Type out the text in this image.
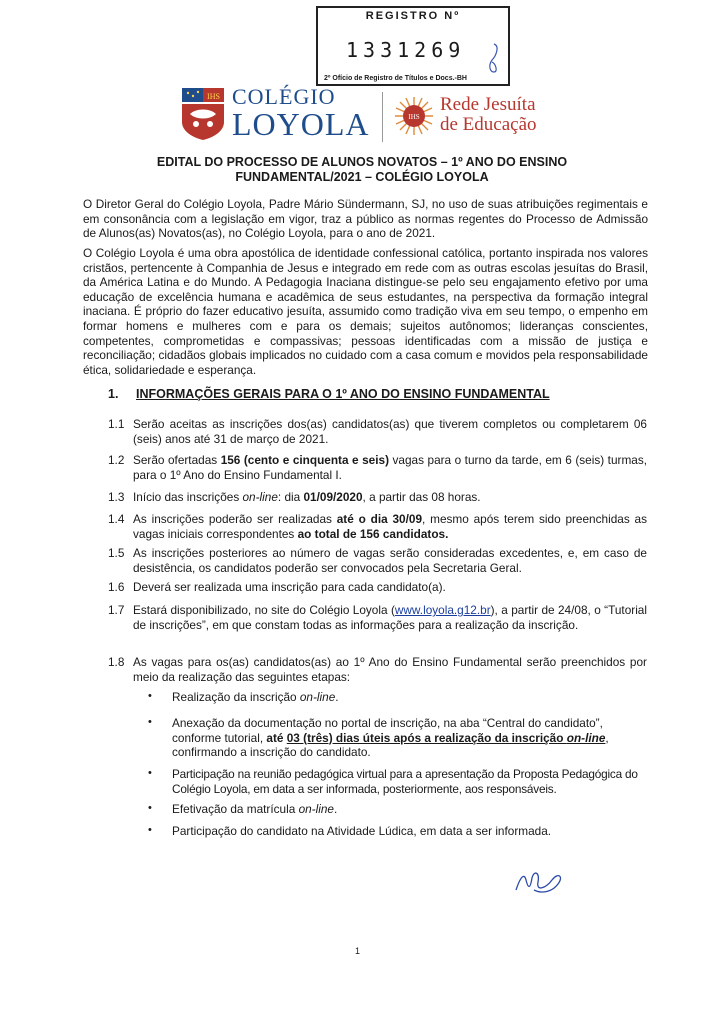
REGISTRO Nº
1331269
2º Ofício de Registro de Títulos e Docs.-BH
IHS COLÉGIO
LOYOLA	IHS
Rede Jesuíta
de Educação
EDITAL DO PROCESSO DE ALUNOS NOVATOS – 1º ANO DO ENSINO
FUNDAMENTAL/2021 – COLÉGIO LOYOLA
O Diretor Geral do Colégio Loyola, Padre Mário Sündermann, SJ, no uso de suas atribuições regimentais e em consonância com a legislação em vigor, traz a público as normas regentes do Processo de Admissão de Alunos(as) Novatos(as), no Colégio Loyola, para o ano de 2021.
O Colégio Loyola é uma obra apostólica de identidade confessional católica, portanto inspirada nos valores cristãos, pertencente à Companhia de Jesus e integrado em rede com as outras escolas jesuítas do Brasil, da América Latina e do Mundo. A Pedagogia Inaciana distingue-se pelo seu engajamento efetivo por uma educação de excelência humana e acadêmica de seus estudantes, na perspectiva da formação integral inaciana. É próprio do fazer educativo jesuíta, assumido como tradição viva em seu tempo, o empenho em formar homens e mulheres com e para os demais; sujeitos autônomos; lideranças conscientes, competentes, comprometidas e compassivas; pessoas identificadas com a missão de justiça e reconciliação; cidadãos globais implicados no cuidado com a casa comum e movidos pela responsabilidade ética, solidariedade e esperança.
1. INFORMAÇÕES GERAIS PARA O 1º ANO DO ENSINO FUNDAMENTAL
1.1 Serão aceitas as inscrições dos(as) candidatos(as) que tiverem completos ou completarem 06 (seis) anos até 31 de março de 2021.
1.2 Serão ofertadas 156 (cento e cinquenta e seis) vagas para o turno da tarde, em 6 (seis) turmas, para o 1º Ano do Ensino Fundamental I.
1.3 Início das inscrições on-line: dia 01/09/2020, a partir das 08 horas.
1.4 As inscrições poderão ser realizadas até o dia 30/09, mesmo após terem sido preenchidas as vagas iniciais correspondentes ao total de 156 candidatos.
1.5 As inscrições posteriores ao número de vagas serão consideradas excedentes, e, em caso de desistência, os candidatos poderão ser convocados pela Secretaria Geral.
1.6 Deverá ser realizada uma inscrição para cada candidato(a).
1.7 Estará disponibilizado, no site do Colégio Loyola (www.loyola.g12.br), a partir de 24/08, o “Tutorial de inscrições”, em que constam todas as informações para a realização da inscrição.
1.8 As vagas para os(as) candidatos(as) ao 1º Ano do Ensino Fundamental serão preenchidos por meio da realização das seguintes etapas:
• Realização da inscrição on-line.
• Anexação da documentação no portal de inscrição, na aba “Central do candidato”, conforme tutorial, até 03 (três) dias úteis após a realização da inscrição on-line, confirmando a inscrição do candidato.
• Participação na reunião pedagógica virtual para a apresentação da Proposta Pedagógica do Colégio Loyola, em data a ser informada, posteriormente, aos responsáveis.
• Efetivação da matrícula on-line.
• Participação do candidato na Atividade Lúdica, em data a ser informada.
1
